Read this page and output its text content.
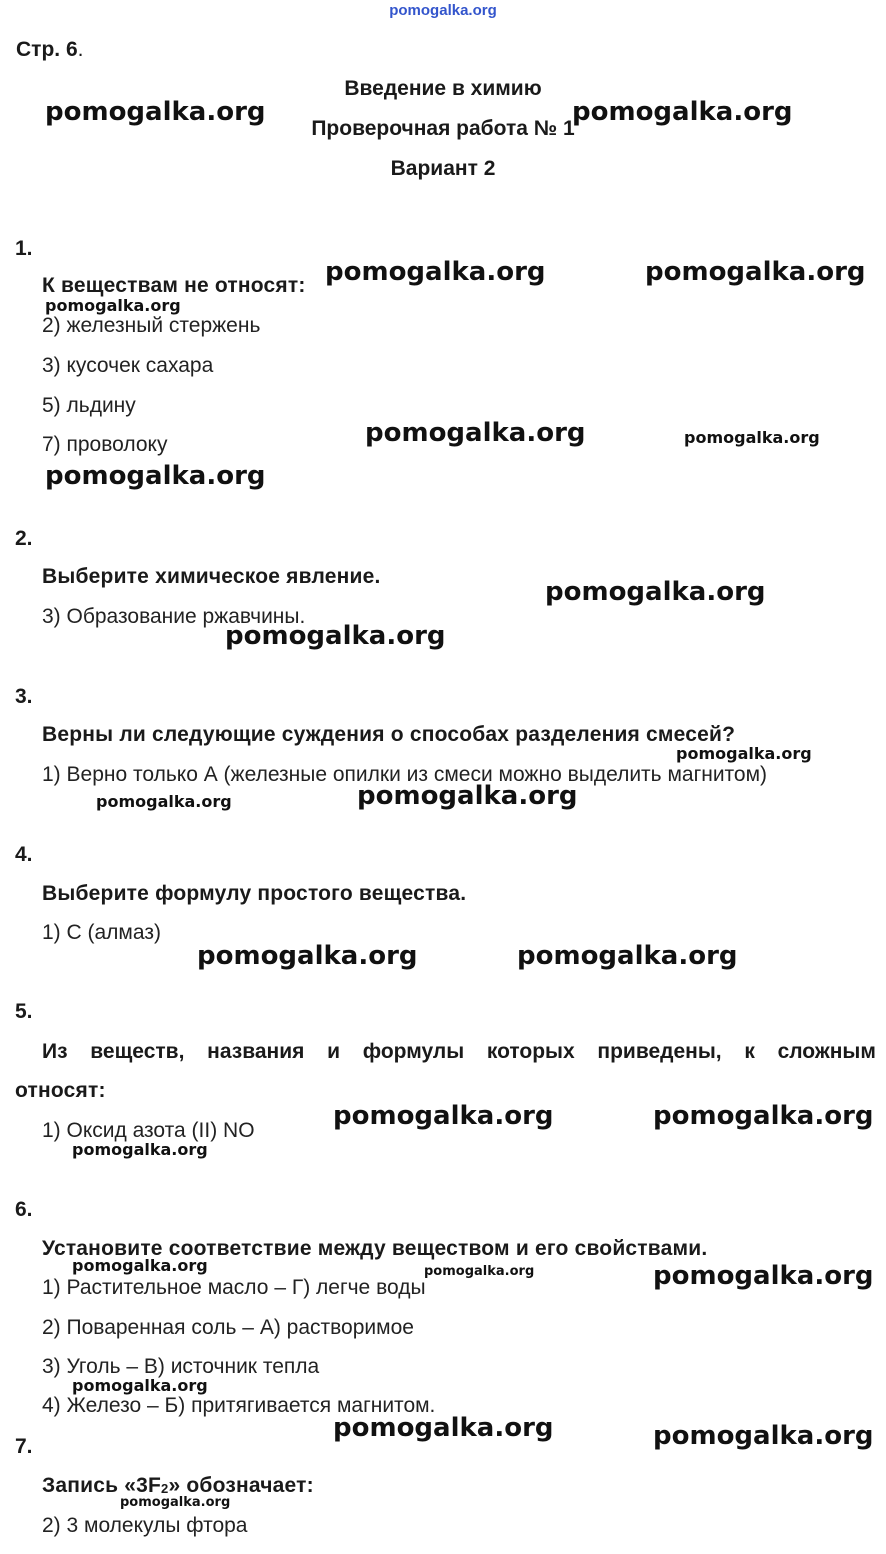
pomogalka.org
Стр. 6.
Введение в химию
Проверочная работа № 1
Вариант 2
1.
К веществам не относят:
2) железный стержень
3) кусочек сахара
5) льдину
7) проволоку
2.
Выберите химическое явление.
3) Образование ржавчины.
3.
Верны ли следующие суждения о способах разделения смесей?
1) Верно только А (железные опилки из смеси можно выделить магнитом)
4.
Выберите формулу простого вещества.
1) С (алмаз)
5.
Из веществ, названия и формулы которых приведены, к сложным
относят:
1) Оксид азота (II) NO
6.
Установите соответствие между веществом и его свойствами.
1) Растительное масло – Г) легче воды
2) Поваренная соль – А) растворимое
3) Уголь – В) источник тепла
4) Железо – Б) притягивается магнитом.
7.
Запись «3F2» обозначает:
2) 3 молекулы фтора
pomogalka.org	pomogalka.org
pomogalka.org	pomogalka.org
pomogalka.org
pomogalka.org	pomogalka.org
pomogalka.org
pomogalka.org
pomogalka.org
pomogalka.org
pomogalka.org	pomogalka.org
pomogalka.org	pomogalka.org
pomogalka.org	pomogalka.org
pomogalka.org
pomogalka.org	pomogalka.org	pomogalka.org
pomogalka.org
pomogalka.org	pomogalka.org
pomogalka.org
